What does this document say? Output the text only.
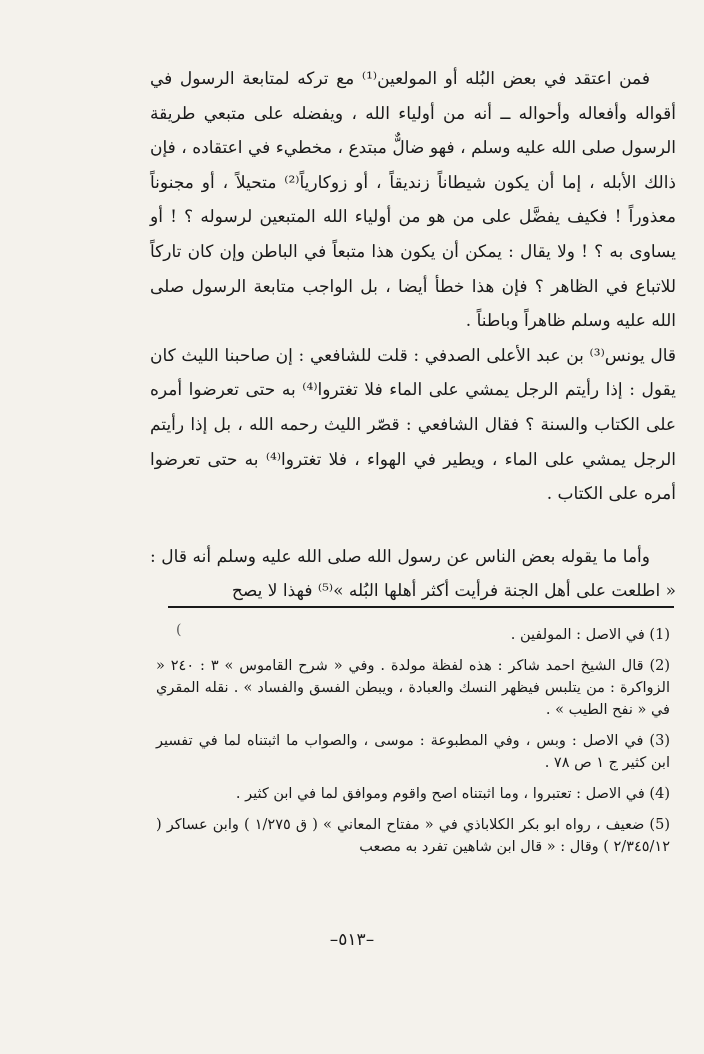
فمن اعتقد في بعض البُله أو المولعين⁽¹⁾ مع تركه لمتابعة الرسول في أقواله وأفعاله وأحواله ــ أنه من أولياء الله ، ويفضله على متبعي طريقة الرسول صلى الله عليه وسلم ، فهو ضالٌّ مبتدع ، مخطيء في اعتقاده ، فإن ذالك الأبله ، إما أن يكون شيطاناً زنديقاً ، أو زوكارياً⁽²⁾ متحيلاً ، أو مجنوناً معذوراً ! فكيف يفضَّل على من هو من أولياء الله المتبعين لرسوله ؟ ! أو يساوى به ؟ ! ولا يقال : يمكن أن يكون هذا متبعاً في الباطن وإن كان تاركاً للاتباع في الظاهر ؟ فإن هذا خطأ أيضا ، بل الواجب متابعة الرسول صلى الله عليه وسلم ظاهراً وباطناً .

قال يونس⁽³⁾ بن عبد الأعلى الصدفي : قلت للشافعي : إن صاحبنا الليث كان يقول : إذا رأيتم الرجل يمشي على الماء فلا تغتروا⁽⁴⁾ به حتى تعرضوا أمره على الكتاب والسنة ؟ فقال الشافعي : قصّر الليث رحمه الله ، بل إذا رأيتم الرجل يمشي على الماء ، ويطير في الهواء ، فلا تغتروا⁽⁴⁾ به حتى تعرضوا أمره على الكتاب .

وأما ما يقوله بعض الناس عن رسول الله صلى الله عليه وسلم أنه قال : « اطلعت على أهل الجنة فرأيت أكثر أهلها البُله »⁽⁵⁾ فهذا لا يصح

(	(1) في الاصل : المولفين .

(2) قال الشيخ احمد شاكر : هذه لفظة مولدة . وفي « شرح القاموس » ٣ : ٢٤٠ « الزواكرة : من يتلبس فيظهر النسك والعبادة ، ويبطن الفسق والفساد » . نقله المقري في « نفح الطيب » .

(3) في الاصل : وبس ، وفي المطبوعة : موسى ، والصواب ما اثبتناه لما في تفسير ابن كثير ج ١ ص ٧٨ .

(4) في الاصل : تعتبروا ، وما اثبتناه اصح واقوم وموافق لما في ابن كثير .

(5) ضعيف ، رواه ابو بكر الكلاباذي في « مفتاح المعاني » ( ق ١/٢٧٥ ) وابن عساكر ( ٢/٣٤٥/١٢ ) وقال : « قال ابن شاهين تفرد به مصعب

–٥١٣–
